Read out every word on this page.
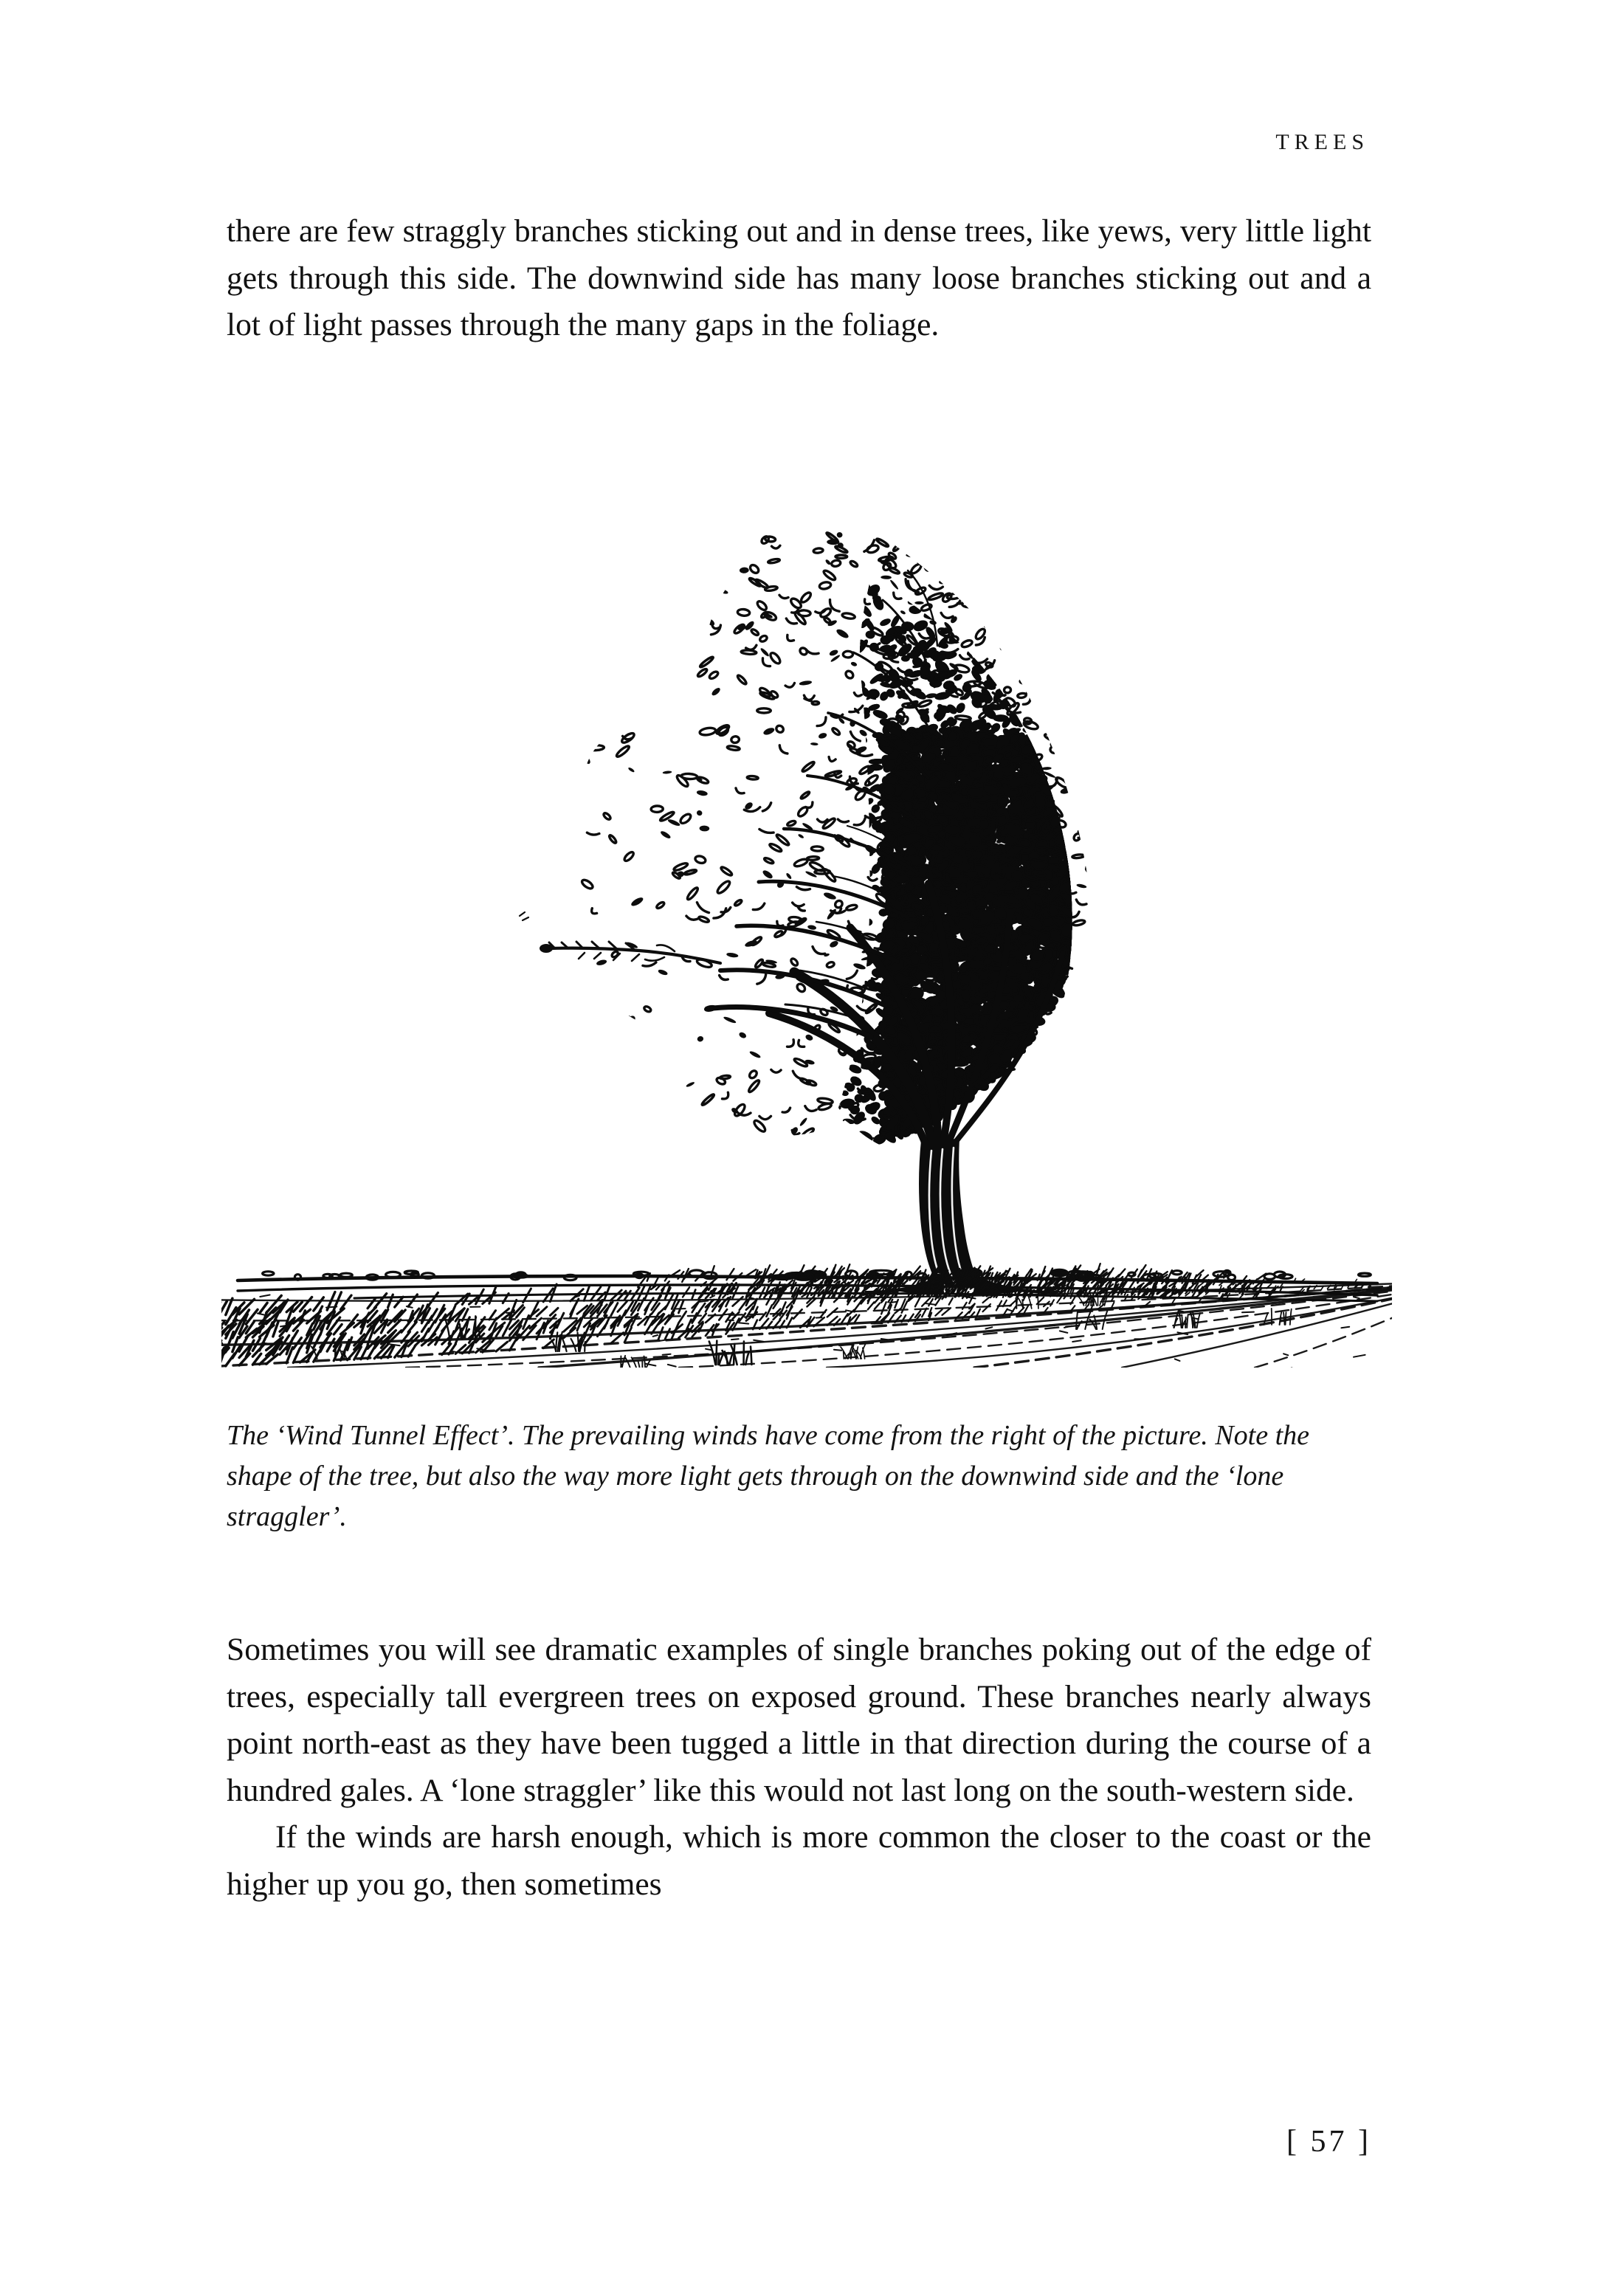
TREES

there are few straggly branches sticking out and in dense trees, like yews, very little light gets through this side. The downwind side has many loose branches sticking out and a lot of light passes through the many gaps in the foliage.

The ‘Wind Tunnel Effect’. The prevailing winds have come from the right of the picture. Note the shape of the tree, but also the way more light gets through on the downwind side and the ‘lone straggler’.

Sometimes you will see dramatic examples of single branches poking out of the edge of trees, especially tall evergreen trees on exposed ground. These branches nearly always point north-east as they have been tugged a little in that direction during the course of a hundred gales. A ‘lone straggler’ like this would not last long on the south-western side.

If the winds are harsh enough, which is more common the closer to the coast or the higher up you go, then sometimes

[ 57 ]
